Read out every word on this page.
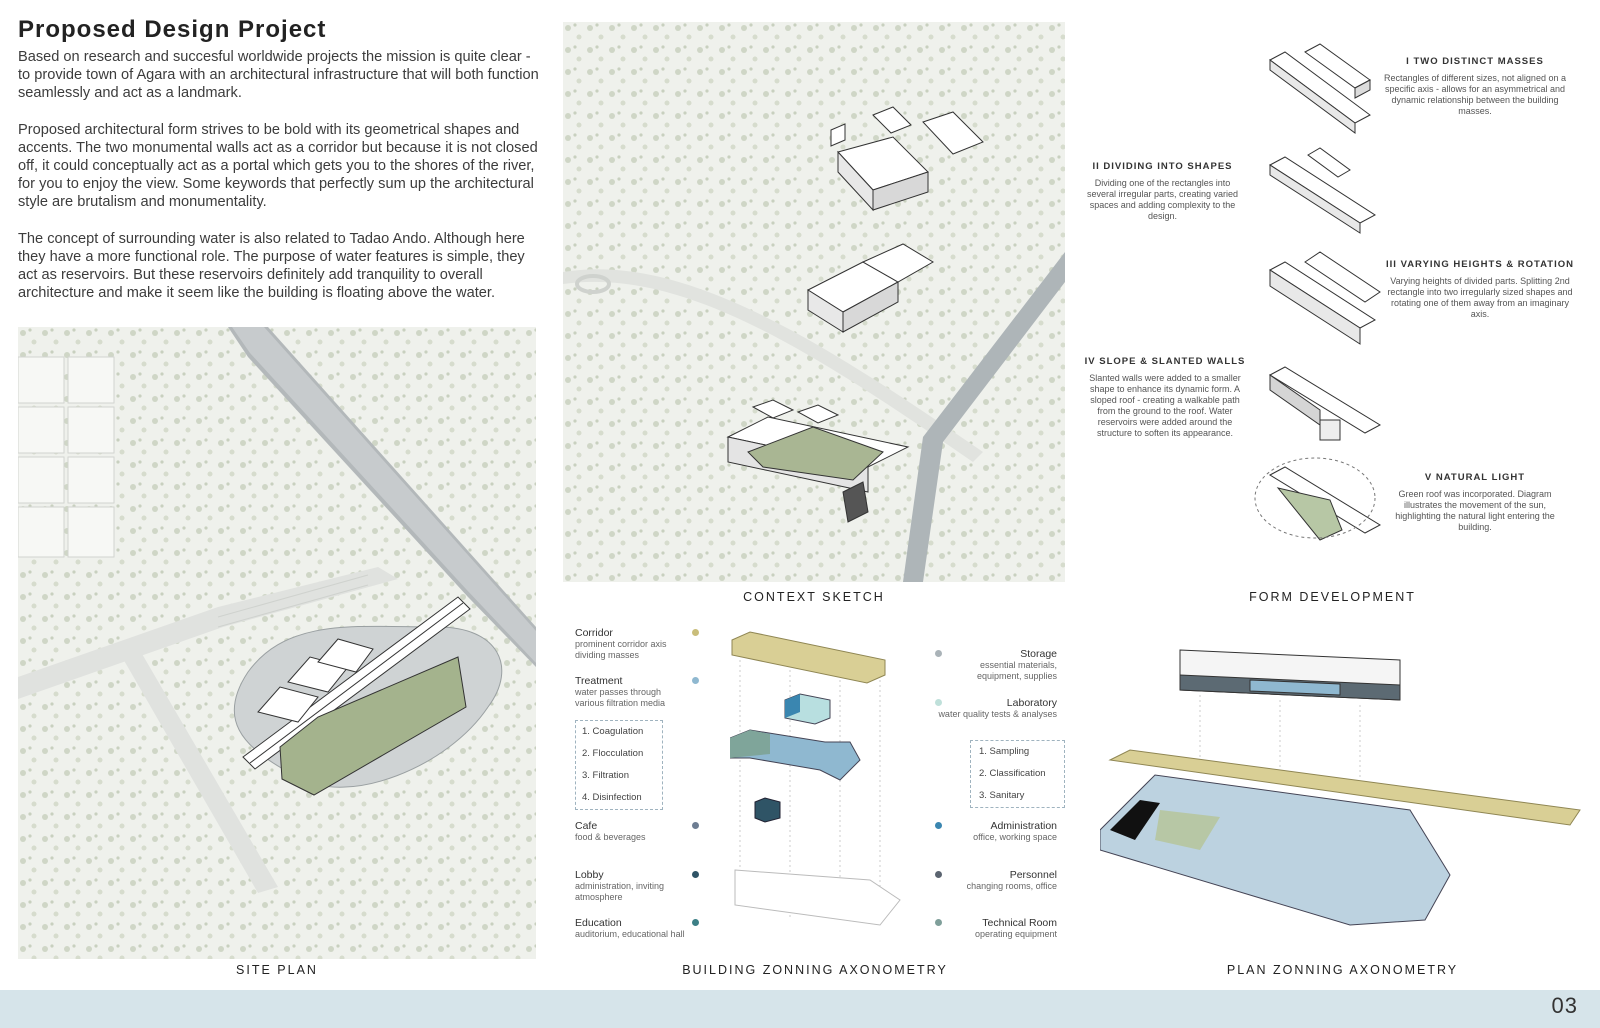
Proposed Design Project

Based on research and succesful worldwide projects the mission is quite clear - to provide town of Agara with an architectural infrastructure that will both function seamlessly and act as a landmark.

Proposed architectural form strives to be bold with its geometrical shapes and accents. The two monumental walls act as a corridor but because it is not closed off, it could conceptually act as a portal which gets you to the shores of the river, for you to enjoy the view. Some keywords that perfectly sum up the architectural style are brutalism and monumentality.

The concept of surrounding water is also related to Tadao Ando. Although here they have a more functional role. The purpose of water features is simple, they act as reservoirs. But these reservoirs definitely add tranquility to overall architecture and make it seem like the building is floating above the water.

SITE PLAN
CONTEXT SKETCH
I TWO DISTINCT MASSES
Rectangles of different sizes, not aligned on a specific axis - allows for an asymmetrical and dynamic relationship between the building masses.
II DIVIDING INTO SHAPES
Dividing one of the rectangles into several irregular parts, creating varied spaces and adding complexity to the design.
III VARYING HEIGHTS & ROTATION
Varying heights of divided parts. Splitting 2nd rectangle into two irregularly sized shapes and rotating one of them away from an imaginary axis.
IV SLOPE & SLANTED WALLS
Slanted walls were added to a smaller shape to enhance its dynamic form. A sloped roof - creating a walkable path from the ground to the roof. Water reservoirs were added around the structure to soften its appearance.
V NATURAL LIGHT
Green roof was incorporated. Diagram illustrates the movement of the sun, highlighting the natural light entering the building.
FORM DEVELOPMENT
Corridor
prominent corridor axis dividing masses
Treatment
water passes through various filtration media
1. Coagulation
2. Flocculation
3. Filtration
4. Disinfection
Cafe
food & beverages
Lobby
administration, inviting atmosphere
Education
auditorium, educational hall
Storage
essential materials, equipment, supplies
Laboratory
water quality tests & analyses
1. Sampling
2. Classification
3. Sanitary
Administration
office, working space
Personnel
changing rooms, office
Technical Room
operating equipment
BUILDING ZONNING AXONOMETRY	PLAN ZONNING AXONOMETRY
03
